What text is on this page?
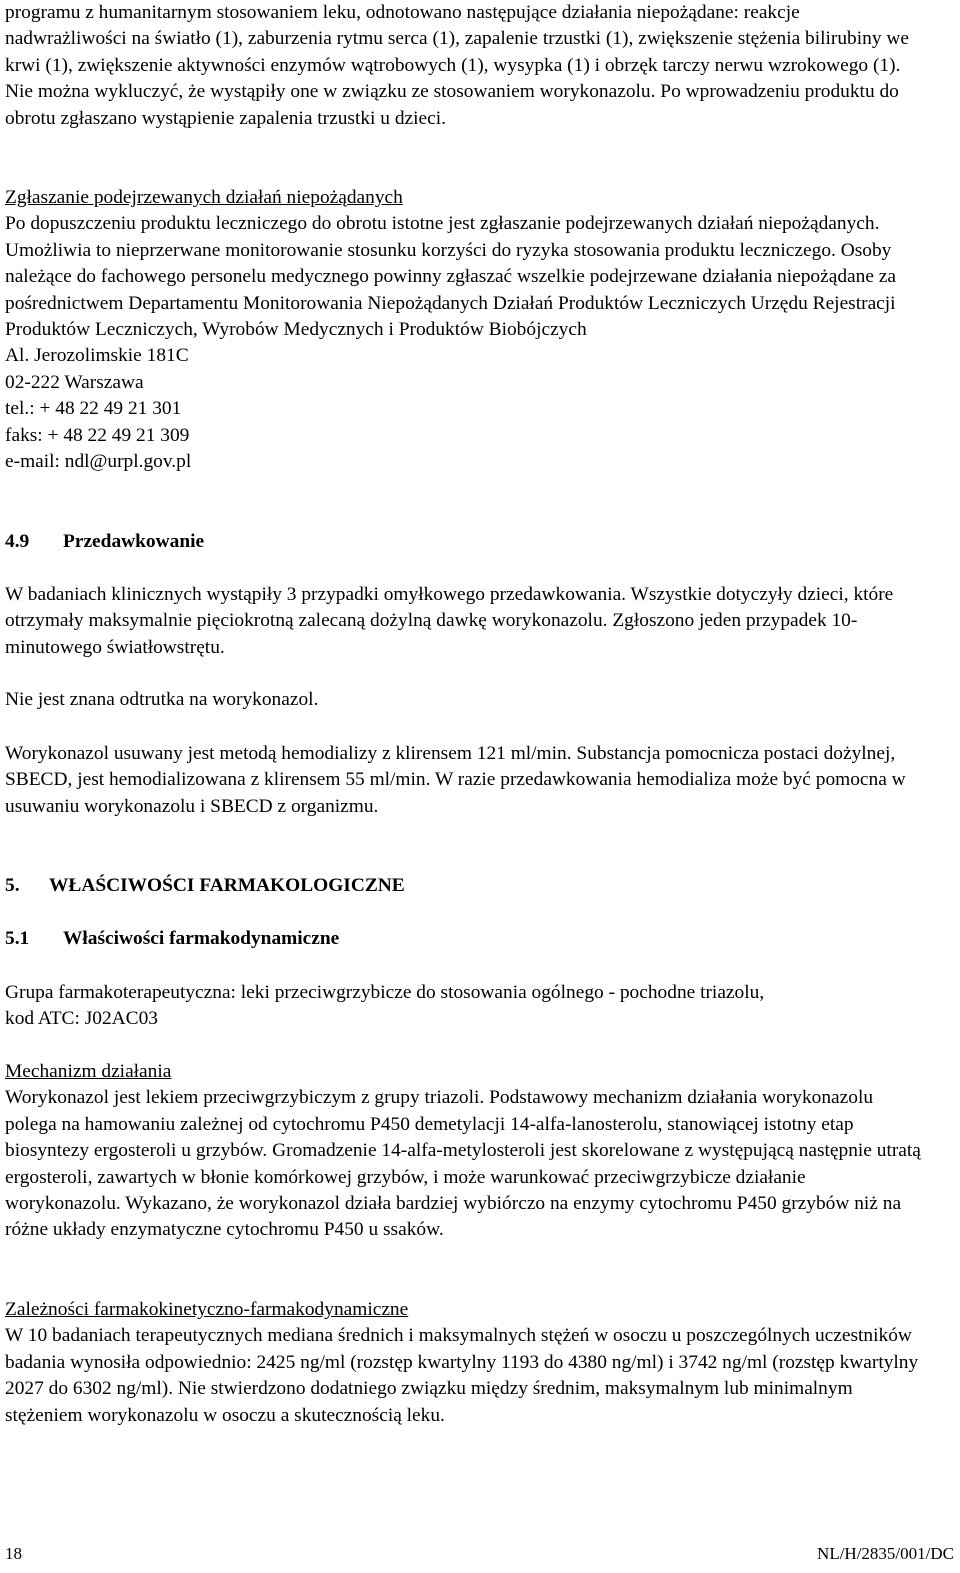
programu z humanitarnym stosowaniem leku, odnotowano następujące działania niepożądane: reakcje nadwrażliwości na światło (1), zaburzenia rytmu serca (1), zapalenie trzustki (1), zwiększenie stężenia bilirubiny we krwi (1), zwiększenie aktywności enzymów wątrobowych (1), wysypka (1) i obrzęk tarczy nerwu wzrokowego (1). Nie można wykluczyć, że wystąpiły one w związku ze stosowaniem worykonazolu. Po wprowadzeniu produktu do obrotu zgłaszano wystąpienie zapalenia trzustki u dzieci.

Zgłaszanie podejrzewanych działań niepożądanych

Po dopuszczeniu produktu leczniczego do obrotu istotne jest zgłaszanie podejrzewanych działań niepożądanych. Umożliwia to nieprzerwane monitorowanie stosunku korzyści do ryzyka stosowania produktu leczniczego. Osoby należące do fachowego personelu medycznego powinny zgłaszać wszelkie podejrzewane działania niepożądane za pośrednictwem Departamentu Monitorowania Niepożądanych Działań Produktów Leczniczych Urzędu Rejestracji Produktów Leczniczych, Wyrobów Medycznych i Produktów Biobójczych

Al. Jerozolimskie 181C

02-222 Warszawa

tel.: + 48 22 49 21 301

faks: + 48 22 49 21 309

e-mail: ndl@urpl.gov.pl

4.9 Przedawkowanie

W badaniach klinicznych wystąpiły 3 przypadki omyłkowego przedawkowania. Wszystkie dotyczyły dzieci, które otrzymały maksymalnie pięciokrotną zalecaną dożylną dawkę worykonazolu. Zgłoszono jeden przypadek 10-minutowego światłowstrętu.

Nie jest znana odtrutka na worykonazol.

Worykonazol usuwany jest metodą hemodializy z klirensem 121 ml/min. Substancja pomocnicza postaci dożylnej, SBECD, jest hemodializowana z klirensem 55 ml/min. W razie przedawkowania hemodializa może być pomocna w usuwaniu worykonazolu i SBECD z organizmu.

5. WŁAŚCIWOŚCI FARMAKOLOGICZNE
5.1 Właściwości farmakodynamiczne

Grupa farmakoterapeutyczna: leki przeciwgrzybicze do stosowania ogólnego - pochodne triazolu,

kod ATC: J02AC03

Mechanizm działania

Worykonazol jest lekiem przeciwgrzybiczym z grupy triazoli. Podstawowy mechanizm działania worykonazolu polega na hamowaniu zależnej od cytochromu P450 demetylacji 14-alfa-lanosterolu, stanowiącej istotny etap biosyntezy ergosteroli u grzybów. Gromadzenie 14-alfa-metylosteroli jest skorelowane z występującą następnie utratą ergosteroli, zawartych w błonie komórkowej grzybów, i może warunkować przeciwgrzybicze działanie worykonazolu. Wykazano, że worykonazol działa bardziej wybiórczo na enzymy cytochromu P450 grzybów niż na różne układy enzymatyczne cytochromu P450 u ssaków.

Zależności farmakokinetyczno-farmakodynamiczne

W 10 badaniach terapeutycznych mediana średnich i maksymalnych stężeń w osoczu u poszczególnych uczestników badania wynosiła odpowiednio: 2425 ng/ml (rozstęp kwartylny 1193 do 4380 ng/ml) i 3742 ng/ml (rozstęp kwartylny 2027 do 6302 ng/ml). Nie stwierdzono dodatniego związku między średnim, maksymalnym lub minimalnym stężeniem worykonazolu w osoczu a skutecznością leku.

18	NL/H/2835/001/DC
